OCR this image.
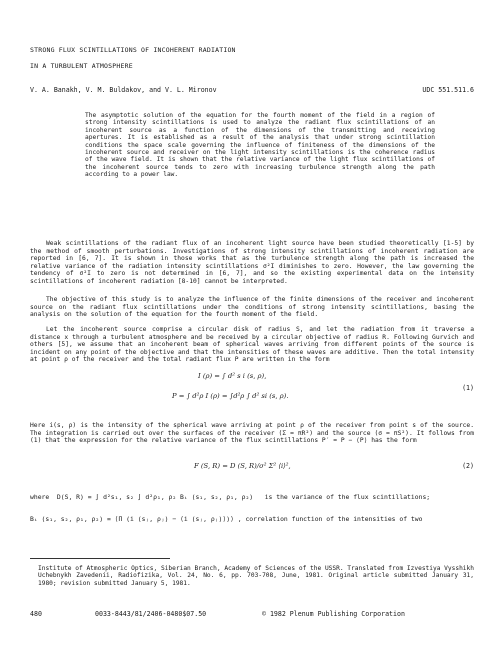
STRONG FLUX SCINTILLATIONS OF INCOHERENT RADIATION
IN A TURBULENT ATMOSPHERE
V. A. Banakh, V. M. Buldakov, and V. L. Mironov	UDC 551.511.6
The asymptotic solution of the equation for the fourth moment of the field in a region of strong intensity scintillations is used to analyze the radiant flux scintillations of an incoherent source as a function of the dimensions of the transmitting and receiving apertures. It is established as a result of the analysis that under strong scintillation conditions the space scale governing the influence of finiteness of the dimensions of the incoherent source and receiver on the light intensity scintillations is the coherence radius of the wave field. It is shown that the relative variance of the light flux scintillations of the incoherent source tends to zero with increasing turbulence strength along the path according to a power law.
Weak scintillations of the radiant flux of an incoherent light source have been studied theoretically [1-5] by the method of smooth perturbations. Investigations of strong intensity scintillations of incoherent radiation are reported in [6, 7]. It is shown in those works that as the turbulence strength along the path is increased the relative variance of the radiation intensity scintillations σ²I diminishes to zero. However, the law governing the tendency of σ²I to zero is not determined in [6, 7], and so the existing experimental data on the intensity scintillations of incoherent radiation [8-10] cannot be interpreted.
The objective of this study is to analyze the influence of the finite dimensions of the receiver and incoherent source on the radiant flux scintillations under the conditions of strong intensity scintillations, basing the analysis on the solution of the equation for the fourth moment of the field.
Let the incoherent source comprise a circular disk of radius S, and let the radiation from it traverse a distance x through a turbulent atmosphere and be received by a circular objective of radius R. Following Gurvich and others [5], we assume that an incoherent beam of spherical waves arriving from different points of the source is incident on any point of the objective and that the intensities of these waves are additive. Then the total intensity at point ρ of the receiver and the total radiant flux P are written in the form
I (ρ) = ∫ d² s i (s, ρ),
P = ∫ d²ρ I (ρ) = ∫d²ρ ∫ d² si (s, ρ).
(1)
Here i(s, ρ) is the intensity of the spherical wave arriving at point ρ of the receiver from point s of the source. The integration is carried out over the surfaces of the receiver (Σ = πR²) and the source (σ = πS²). It follows from (1) that the expression for the relative variance of the flux scintillations P′ = P − ⟨P⟩ has the form
F (S, R) = D (S, R)/σ² Σ² ⟨i⟩²,	(2)
where  D(S, R) = ∫ d²s₁, s₂ ∫ d²ρ₁, ρ₂ Bᵢ (s₁, s₂, ρ₁, ρ₂)   is the variance of the flux scintillations;
Bᵢ (s₁, s₂, ρ₁, ρ₂) = ⟨Π (i (sⱼ, ρⱼ) − ⟨i (sⱼ, ρⱼ)⟩)⟩ , correlation function of the intensities of two
Institute of Atmospheric Optics, Siberian Branch, Academy of Sciences of the USSR. Translated from Izvestiya Vysshikh Uchebnykh Zavedenii, Radiofizika, Vol. 24, No. 6, pp. 703-708, June, 1981. Original article submitted January 31, 1980; revision submitted January 5, 1981.
480	0033-8443/81/2406-0480$07.50	© 1982 Plenum Publishing Corporation
